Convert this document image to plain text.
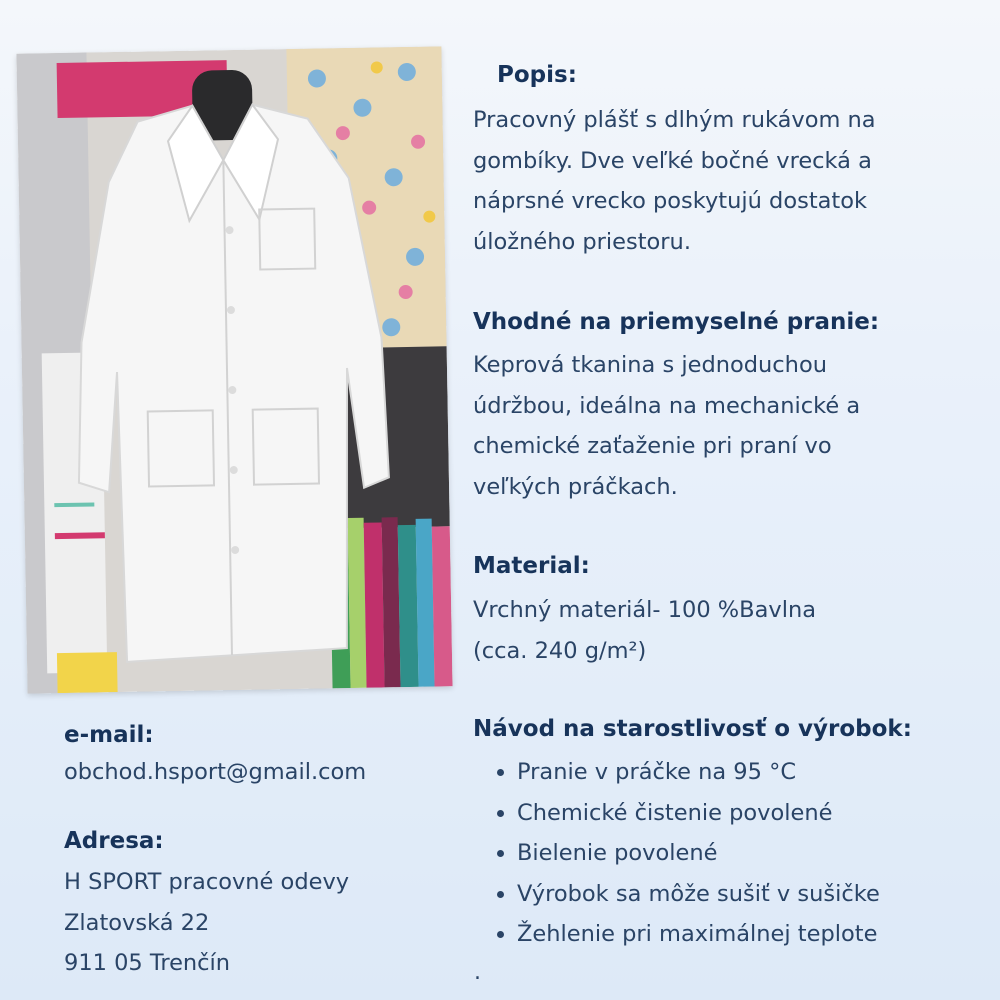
Popis:
Pracovný plášť s dlhým rukávom na
gombíky. Dve veľké bočné vrecká a
náprsné vrecko poskytujú dostatok
úložného priestoru.
Vhodné na priemyselné pranie:
Keprová tkanina s jednoduchou
údržbou, ideálna na mechanické a
chemické zaťaženie pri praní vo
veľkých práčkach.
Material:
Vrchný materiál- 100 %Bavlna
(cca. 240 g/m²)
Návod na starostlivosť o výrobok:
• Pranie v práčke na 95 °C
• Chemické čistenie povolené
• Bielenie povolené
• Výrobok sa môže sušiť v sušičke
• Žehlenie pri maximálnej teplote
.
e-mail:
obchod.hsport@gmail.com
Adresa:
H SPORT pracovné odevy
Zlatovská 22
911 05 Trenčín
